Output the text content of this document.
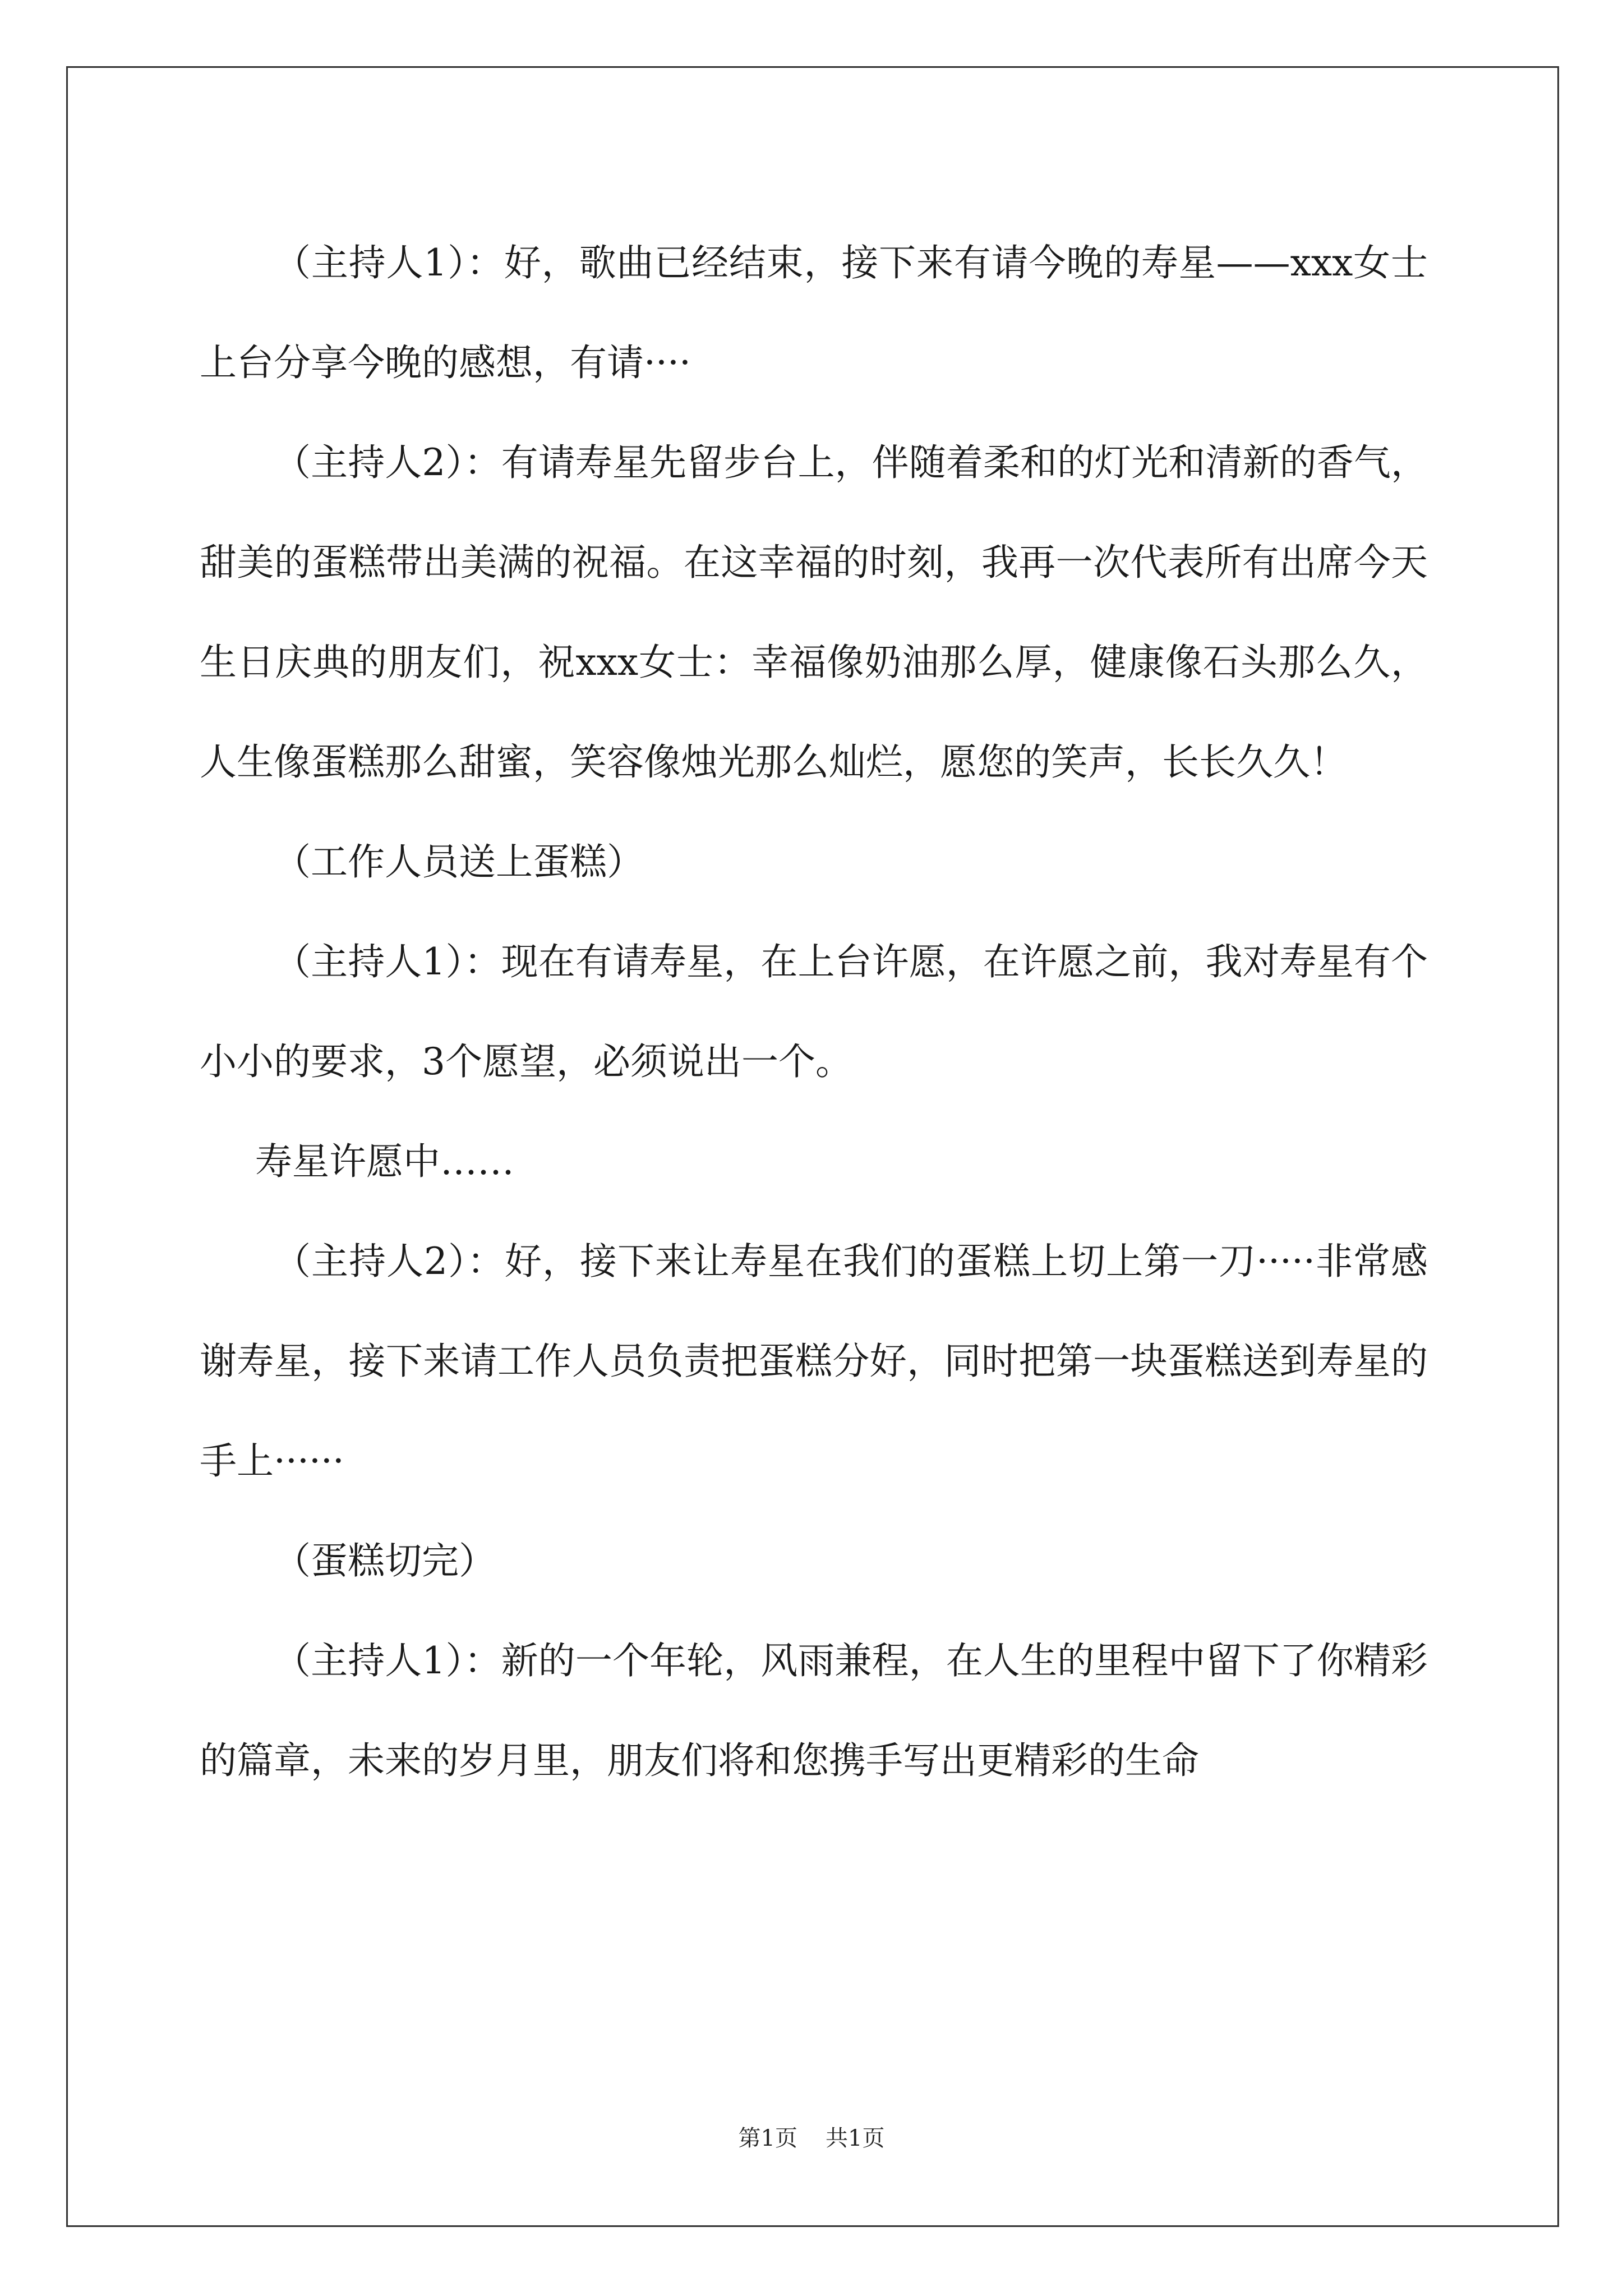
（主持人1）：好，歌曲已经结束，接下来有请今晚的寿星——xxx女士上台分享今晚的感想，有请····

（主持人2）：有请寿星先留步台上，伴随着柔和的灯光和清新的香气，甜美的蛋糕带出美满的祝福。在这幸福的时刻，我再一次代表所有出席今天生日庆典的朋友们，祝xxx女士：幸福像奶油那么厚，健康像石头那么久，人生像蛋糕那么甜蜜，笑容像烛光那么灿烂，愿您的笑声，长长久久！

（工作人员送上蛋糕）

（主持人1）：现在有请寿星，在上台许愿，在许愿之前，我对寿星有个小小的要求，3个愿望，必须说出一个。

寿星许愿中……

（主持人2）：好，接下来让寿星在我们的蛋糕上切上第一刀·····非常感谢寿星，接下来请工作人员负责把蛋糕分好，同时把第一块蛋糕送到寿星的手上······

（蛋糕切完）

（主持人1）：新的一个年轮，风雨兼程，在人生的里程中留下了你精彩的篇章，未来的岁月里，朋友们将和您携手写出更精彩的生命

第1页 共1页
